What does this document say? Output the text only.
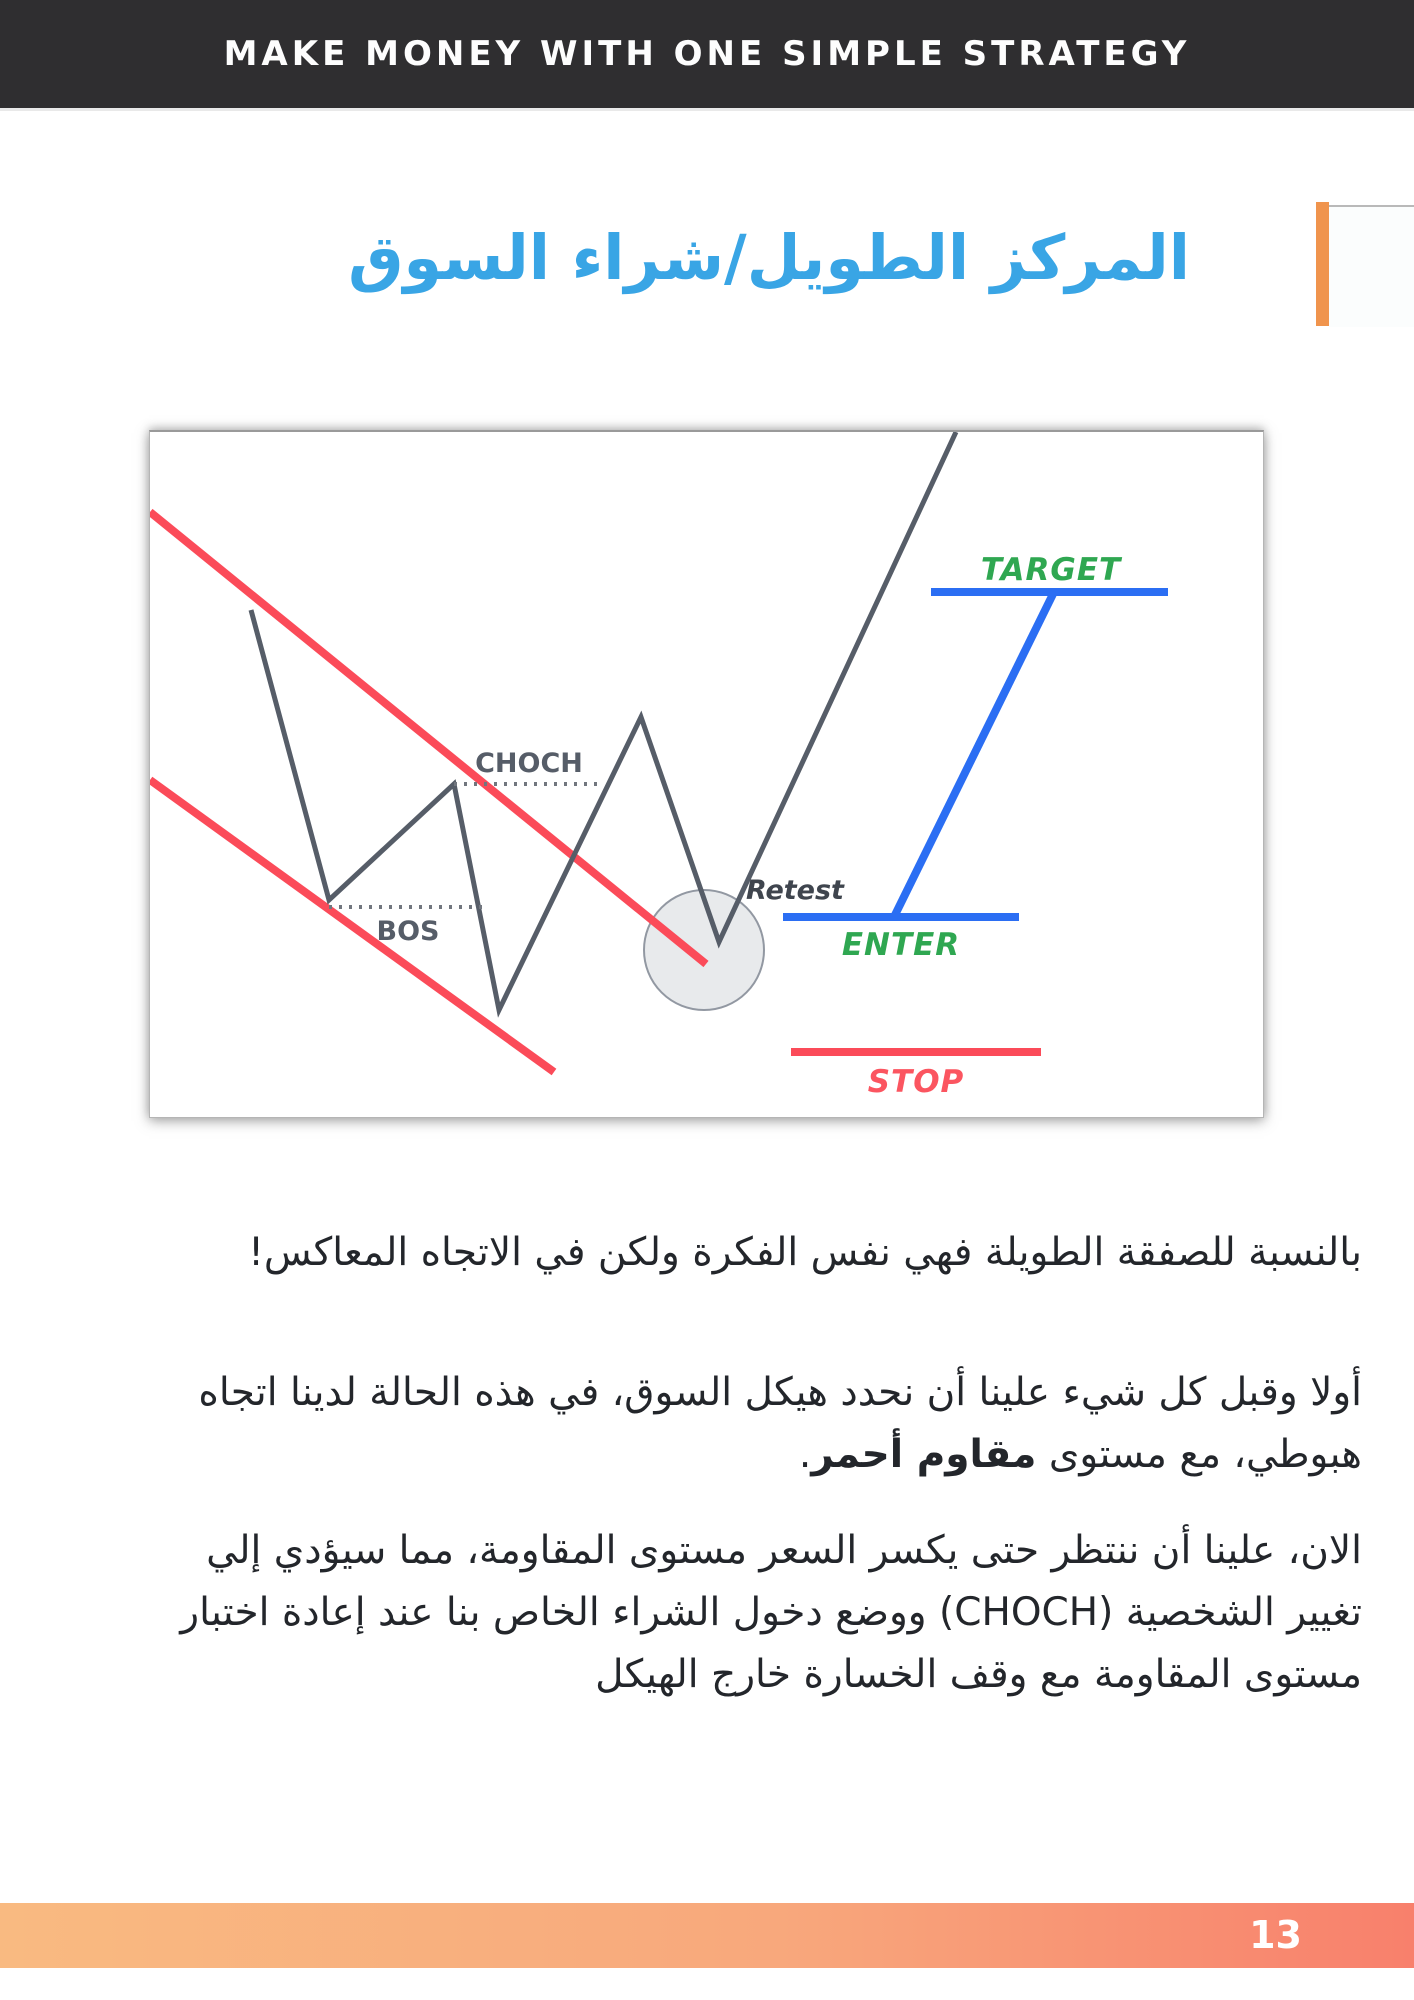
MAKE MONEY WITH ONE SIMPLE STRATEGY
المركز الطويل/شراء السوق
CHOCH
BOS
Retest
TARGET
ENTER
STOP
بالنسبة للصفقة الطويلة فهي نفس الفكرة ولكن في الاتجاه المعاكس!
أولا وقبل كل شيء علينا أن نحدد هيكل السوق، في هذه الحالة لدينا اتجاه
هبوطي، مع مستوى مقاوم أحمر.
الان، علينا أن ننتظر حتى يكسر السعر مستوى المقاومة، مما سيؤدي إلي
تغيير الشخصية (CHOCH) ووضع دخول الشراء الخاص بنا عند إعادة اختبار
مستوى المقاومة مع وقف الخسارة خارج الهيكل
13
